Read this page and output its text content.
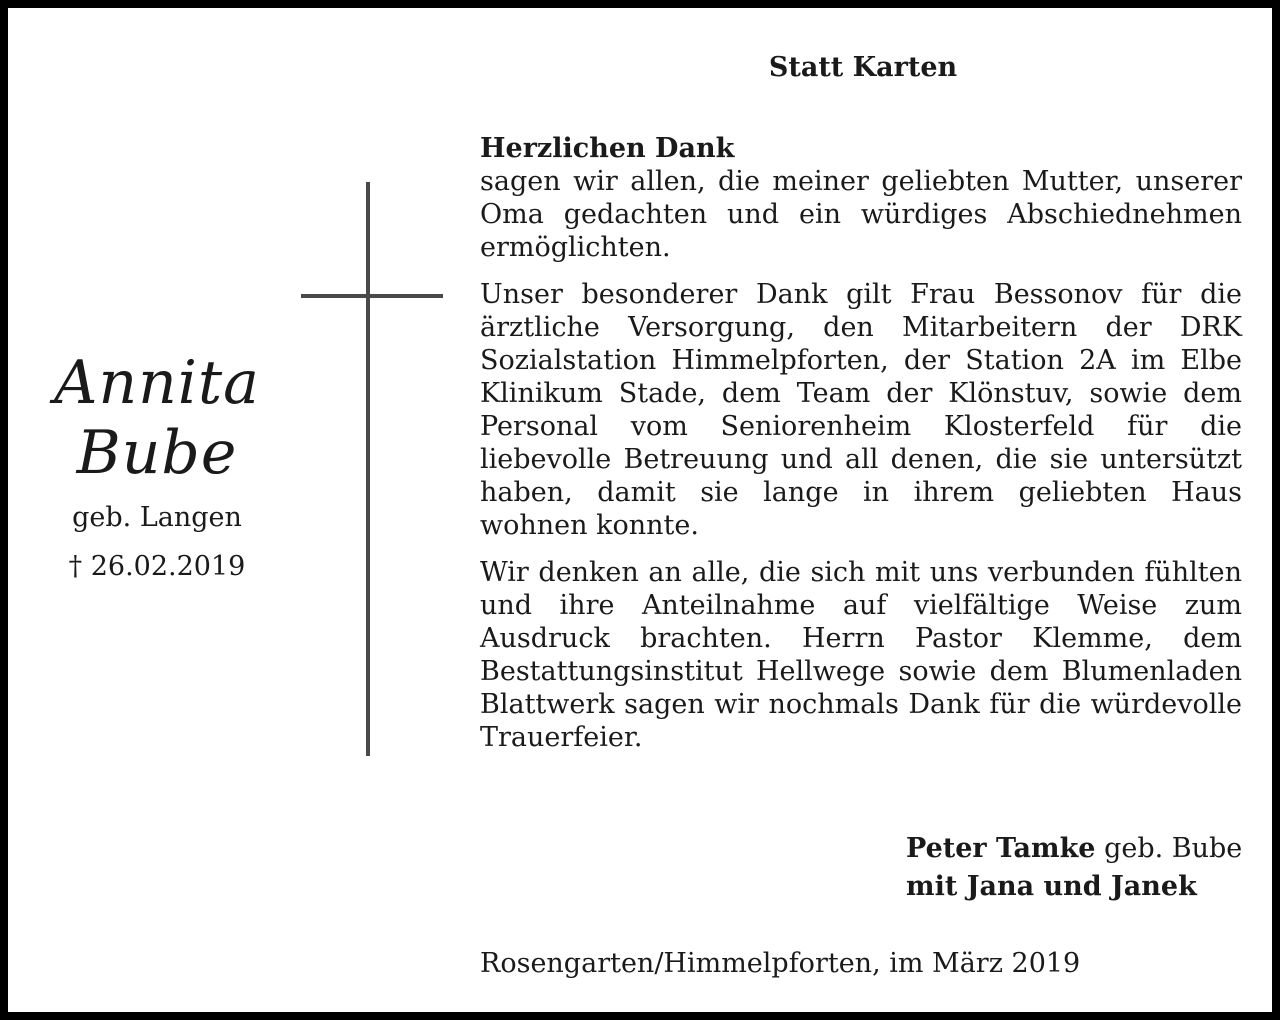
Statt Karten
Annita
Bube
geb. Langen
† 26.02.2019
Herzlichen Dank

sagen wir allen, die meiner geliebten Mutter, unserer Oma gedachten und ein würdiges Abschiednehmen ermöglichten.

Unser besonderer Dank gilt Frau Bessonov für die ärztliche Versorgung, den Mitarbeitern der DRK Sozialstation Himmelpforten, der Station 2A im Elbe Klinikum Stade, dem Team der Klönstuv, sowie dem Personal vom Seniorenheim Klosterfeld für die liebevolle Betreuung und all denen, die sie untersützt haben, damit sie lange in ihrem geliebten Haus wohnen konnte.

Wir denken an alle, die sich mit uns verbunden fühlten und ihre Anteilnahme auf vielfältige Weise zum Ausdruck brachten. Herrn Pastor Klemme, dem Bestattungsinstitut Hellwege sowie dem Blumenladen Blattwerk sagen wir nochmals Dank für die würdevolle Trauerfeier.

Peter Tamke geb. Bube
mit Jana und Janek
Rosengarten/Himmelpforten, im März 2019
